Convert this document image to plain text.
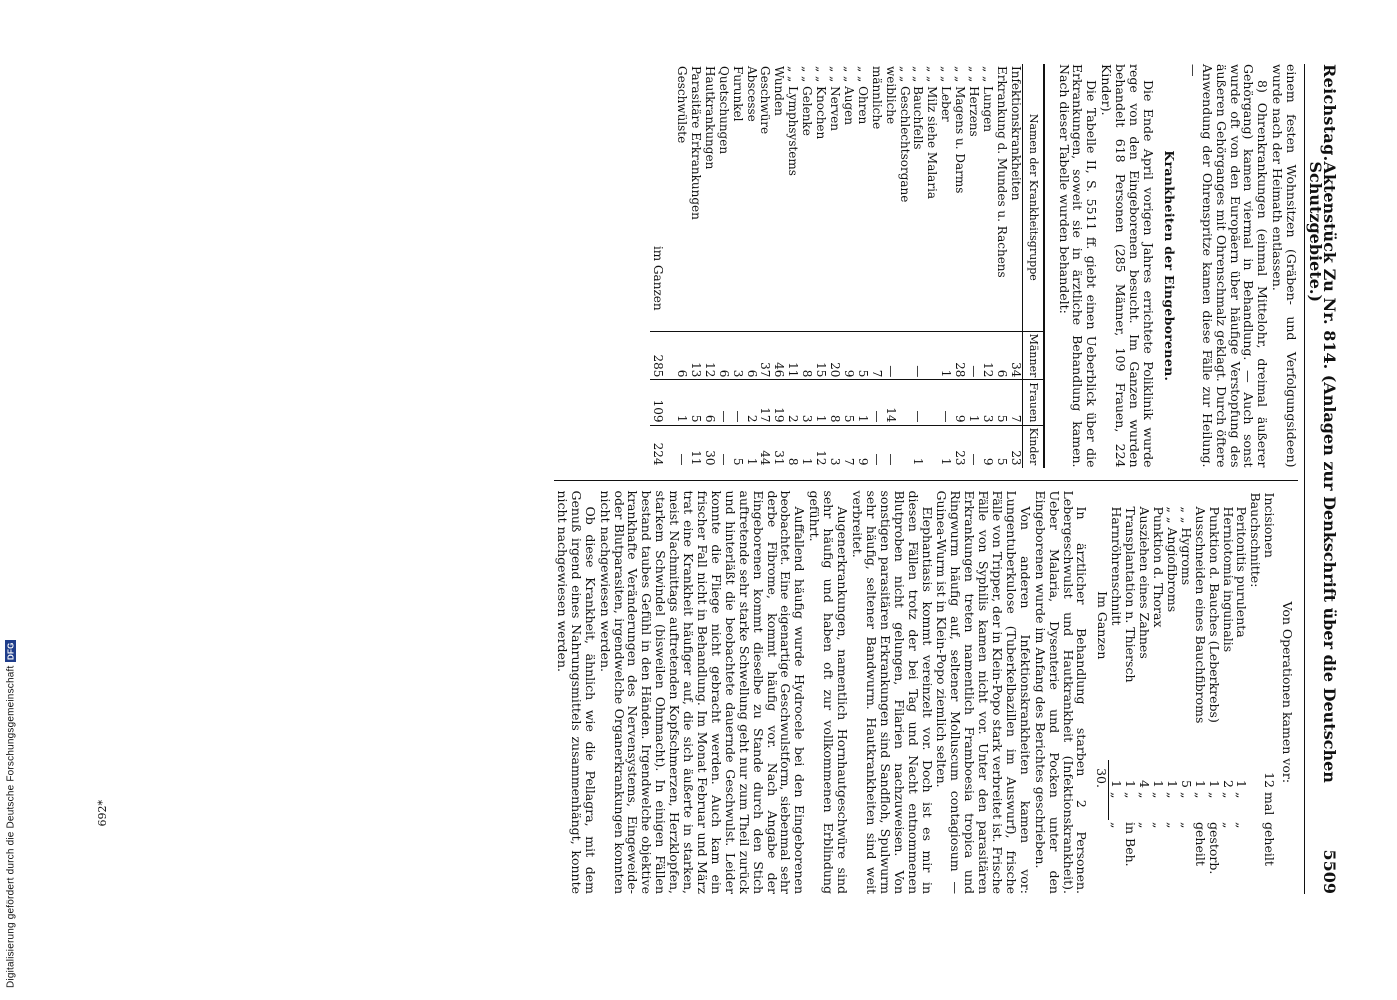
Digitalisierung gefördert durch die Deutsche Forschungsgemeinschaft
DFG
692*
Reichstag.
Aktenstück Zu Nr. 814. (Anlagen zur Denkschrift über die Deutschen Schutzgebiete.)
5509

einem festen Wohnsitzen (Gräben- und Verfolgungsideen) wurde nach der Heimath entlassen.

8) Ohrenkrankungen (einmal Mittelohr, dreimal äußerer Gehörgang) kamen viermal in Behandlung. — Auch sonst wurde oft von den Europäern über häufige Verstopfung des äußeren Gehörganges mit Ohrenschmalz geklagt. Durch öftere Anwendung der Ohrenspritze kamen diese Fälle zur Heilung. —

Krankheiten der Eingeborenen.

Die Ende April vorigen Jahres errichtete Poliklinik wurde rege von den Eingeborenen besucht. Im Ganzen wurden behandelt 618 Personen (285 Männer, 109 Frauen, 224 Kinder).

Die Tabelle II, S. 5511 ff. giebt einen Ueberblick über die Erkrankungen, soweit sie in ärztliche Behandlung kamen. Nach dieser Tabelle wurden behandelt:

Namen der Krankheitsgruppe	Männer	Frauen	Kinder
Infektionskrankheiten	34	7	23
Erkrankung d. Mundes u. Rachens	6	5	5
„ „ Lungen	12	3	9
„ „ Herzens	—	1	—
„ „ Magens u. Darms	28	9	23
„ „ Leber	1	—	1
„ „ Milz siehe Malaria			
„ „ Bauchfells	—	—	1
„ „ Geschlechtsorgane			
weibliche	—	14	—
männliche	7	—	—
„ „ Ohren	5	1	9
„ „ Augen	9	5	7
„ „ Nerven	20	8	3
„ „ Knochen	15	1	12
„ „ Gelenke	8	3	1
„ „ Lymphsystems	11	2	8
Wunden	46	19	31
Geschwüre	37	17	44
Abscesse	6	2	1
Furunkel	3	—	5
Quetschungen	6	—	—
Hautkrankungen	12	6	30
Parasitäre Erkrankungen	13	5	11
Geschwülste	6	1	—
im Ganzen	285	109	224
Von Operationen kamen vor:
Incisionen	12	mal	geheilt
Bauchschnitte:			
Peritonitis purulenta	1	„	„
Herniotomia inguinalis	2	„	„
Punktion d. Bauches (Leberkrebs)	1	„	gestorb.
Ausschneiden eines Bauchfibroms	1	„	geheilt
„ „ Hygroms	5	„	„
„ „ Angiofibroms	1	„	„
Punktion d. Thorax	1	„	„
Ausziehen eines Zahnes	4	„	„
Transplantation n. Thiersch	1	„	in Beh.
Harnröhrenschnitt	1	„	„
Im Ganzen	30.		

In ärztlicher Behandlung starben 2 Personen. Lebergeschwulst und Hautkrankheit (Infektionskrankheit). Ueber Malaria, Dysenterie und Pocken unter den Eingeborenen wurde im Anfang des Berichtes geschrieben.

Von anderen Infektionskrankheiten kamen vor: Lungentuberkulose (Tuberkelbazillen im Auswurf), frische Fälle von Tripper, der in Klein-Popo stark verbreitet ist. Frische Fälle von Syphilis kamen nicht vor. Unter den parasitären Erkrankungen treten namentlich Framboesia tropica und Ringwurm häufig auf, seltener Molluscum contagiosum — Guinea-Wurm ist in Klein-Popo ziemlich selten.

Elephantiasis kommt vereinzelt vor. Doch ist es mir in diesen Fällen trotz der bei Tag und Nacht entnommenen Blutproben nicht gelungen, Filarien nachzuweisen. Von sonstigen parasitären Erkrankungen sind Sandfloh, Spulwurm sehr häufig, seltener Bandwurm. Hautkrankheiten sind weit verbreitet.

Augenerkrankungen, namentlich Hornhautgeschwüre sind sehr häufig und haben oft zur vollkommenen Erblindung geführt.

Auffallend häufig wurde Hydrocele bei den Eingeborenen beobachtet. Eine eigenartige Geschwulstform, siebenmal sehr derbe Fibrome, kommt häufig vor. Nach Angabe der Eingeborenen kommt dieselbe zu Stande durch den Stich auftretende sehr starke Schwellung geht nur zum Theil zurück und hinterläßt die beobachtete dauernde Geschwulst. Leider konnte die Fliege nicht gebracht werden. Auch kam ein frischer Fall nicht in Behandlung. Im Monat Februar und März trat eine Krankheit häufiger auf, die sich äußerte in starken, meist Nachmittags auftretenden Kopfschmerzen, Herzklopfen, starkem Schwindel (bisweilen Ohnmacht). In einigen Fällen bestand taubes Gefühl in den Händen. Irgendwelche objektive krankhafte Veränderungen des Nervensystems, Eingeweide- oder Blutparasiten, irgendwelche Organerkrankungen konnten nicht nachgewiesen werden.

Ob diese Krankheit, ähnlich wie die Pellagra, mit dem Genuß irgend eines Nahrungsmittels zusammenhängt, konnte nicht nachgewiesen werden.
